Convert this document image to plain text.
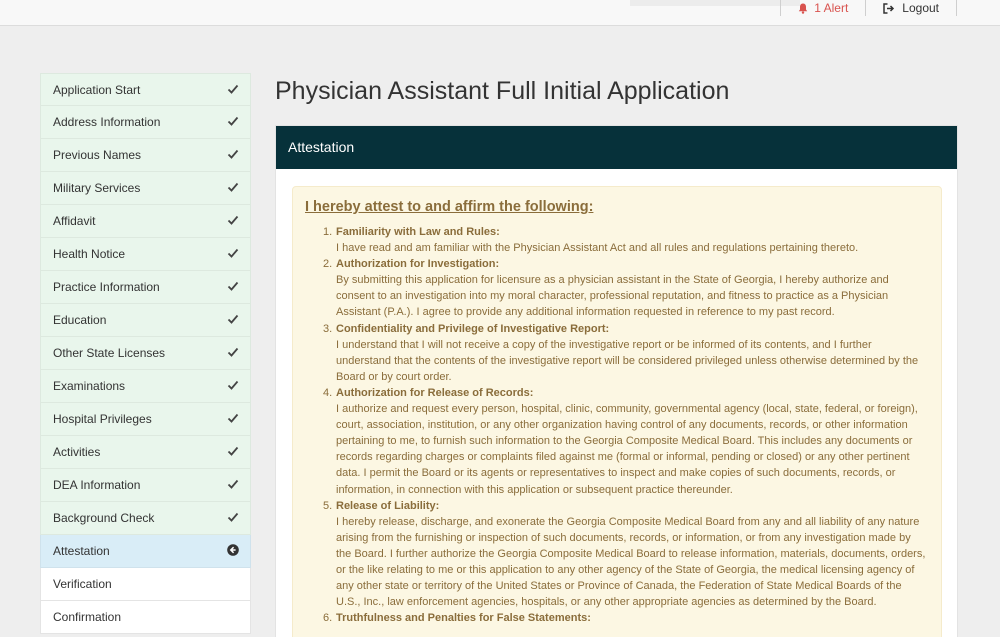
1 Alert	Logout
Application Start
Address Information
Previous Names
Military Services
Affidavit
Health Notice
Practice Information
Education
Other State Licenses
Examinations
Hospital Privileges
Activities
DEA Information
Background Check
Attestation
Verification
Confirmation
Physician Assistant Full Initial Application
Attestation
I hereby attest to and affirm the following:
1. Familiarity with Law and Rules:
I have read and am familiar with the Physician Assistant Act and all rules and regulations pertaining thereto.
2. Authorization for Investigation:
By submitting this application for licensure as a physician assistant in the State of Georgia, I hereby authorize and consent to an investigation into my moral character, professional reputation, and fitness to practice as a Physician Assistant (P.A.). I agree to provide any additional information requested in reference to my past record.
3. Confidentiality and Privilege of Investigative Report:
I understand that I will not receive a copy of the investigative report or be informed of its contents, and I further understand that the contents of the investigative report will be considered privileged unless otherwise determined by the Board or by court order.
4. Authorization for Release of Records:
I authorize and request every person, hospital, clinic, community, governmental agency (local, state, federal, or foreign), court, association, institution, or any other organization having control of any documents, records, or other information pertaining to me, to furnish such information to the Georgia Composite Medical Board. This includes any documents or records regarding charges or complaints filed against me (formal or informal, pending or closed) or any other pertinent data. I permit the Board or its agents or representatives to inspect and make copies of such documents, records, or information, in connection with this application or subsequent practice thereunder.
5. Release of Liability:
I hereby release, discharge, and exonerate the Georgia Composite Medical Board from any and all liability of any nature arising from the furnishing or inspection of such documents, records, or information, or from any investigation made by the Board. I further authorize the Georgia Composite Medical Board to release information, materials, documents, orders, or the like relating to me or this application to any other agency of the State of Georgia, the medical licensing agency of any other state or territory of the United States or Province of Canada, the Federation of State Medical Boards of the U.S., Inc., law enforcement agencies, hospitals, or any other appropriate agencies as determined by the Board.
6. Truthfulness and Penalties for False Statements:
